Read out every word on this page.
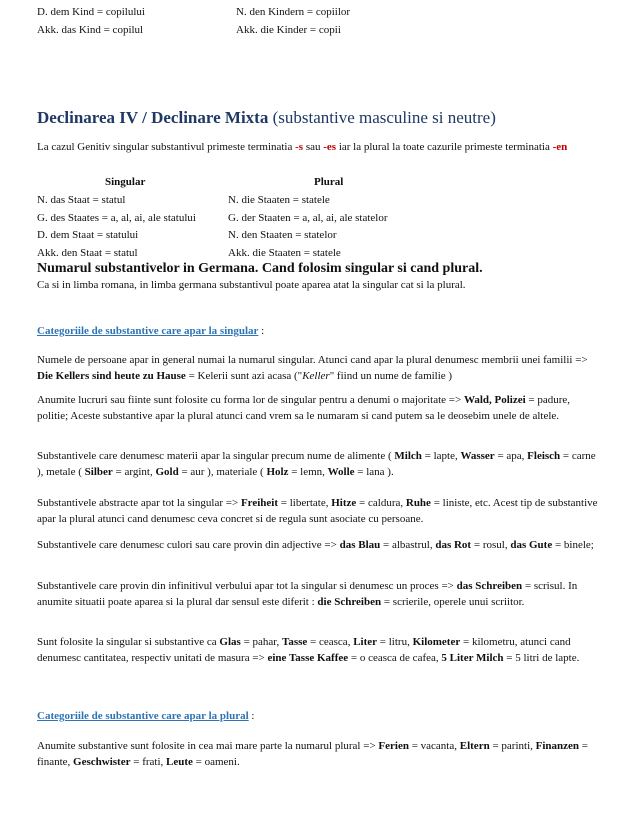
D. dem Kind = copilului	N. den Kindern = copiilor
Akk. das Kind = copilul	Akk. die Kinder = copii
Declinarea IV / Declinare Mixta (substantive masculine si neutre)
La cazul Genitiv singular substantivul primeste terminatia -s sau -es iar la plural la toate cazurile primeste terminatia -en
Singular	Plural
N. das Staat = statul	N. die Staaten = statele
G. des Staates = a, al, ai, ale statului	G. der Staaten = a, al, ai, ale statelor
D. dem Staat = statului	N. den Staaten = statelor
Akk. den Staat = statul	Akk. die Staaten = statele
Numarul substantivelor in Germana. Cand folosim singular si cand plural.
Ca si in limba romana, in limba germana substantivul poate aparea atat la singular cat si la plural.
Categoriile de substantive care apar la singular :
Numele de persoane apar in general numai la numarul singular. Atunci cand apar la plural denumesc membrii unei familii => Die Kellers sind heute zu Hause = Kelerii sunt azi acasa ("Keller" fiind un nume de familie )
Anumite lucruri sau fiinte sunt folosite cu forma lor de singular pentru a denumi o majoritate => Wald, Polizei = padure, politie; Aceste substantive apar la plural atunci cand vrem sa le numaram si cand putem sa le deosebim unele de altele.
Substantivele care denumesc materii apar la singular precum nume de alimente ( Milch = lapte, Wasser = apa, Fleisch = carne ), metale ( Silber = argint, Gold = aur ), materiale ( Holz = lemn, Wolle = lana ).
Substantivele abstracte apar tot la singular => Freiheit = libertate, Hitze = caldura, Ruhe = liniste, etc. Acest tip de substantive apar la plural atunci cand denumesc ceva concret si de regula sunt asociate cu persoane.
Substantivele care denumesc culori sau care provin din adjective => das Blau = albastrul, das Rot = rosul, das Gute = binele;
Substantivele care provin din infinitivul verbului apar tot la singular si denumesc un proces => das Schreiben = scrisul. In anumite situatii poate aparea si la plural dar sensul este diferit : die Schreiben = scrierile, operele unui scriitor.
Sunt folosite la singular si substantive ca Glas = pahar, Tasse = ceasca, Liter = litru, Kilometer = kilometru, atunci cand denumesc cantitatea, respectiv unitati de masura => eine Tasse Kaffee = o ceasca de cafea, 5 Liter Milch = 5 litri de lapte.
Categoriile de substantive care apar la plural :
Anumite substantive sunt folosite in cea mai mare parte la numarul plural => Ferien = vacanta, Eltern = parinti, Finanzen = finante, Geschwister = frati, Leute = oameni.
